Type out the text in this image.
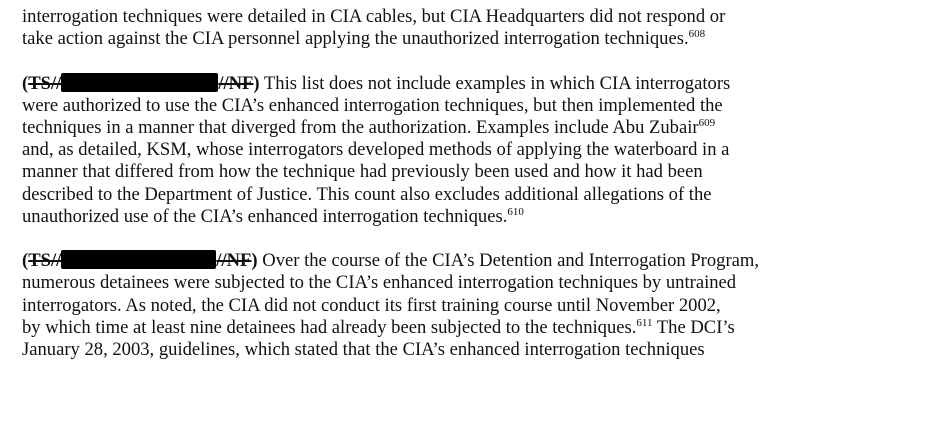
interrogation techniques were detailed in CIA cables, but CIA Headquarters did not respond or
take action against the CIA personnel applying the unauthorized interrogation techniques.$^{608}$
(TS//	//NF) This list does not include examples in which CIA interrogators
were authorized to use the CIA’s enhanced interrogation techniques, but then implemented the
techniques in a manner that diverged from the authorization. Examples include Abu Zubair$^{609}$
and, as detailed, KSM, whose interrogators developed methods of applying the waterboard in a
manner that differed from how the technique had previously been used and how it had been
described to the Department of Justice. This count also excludes additional allegations of the
unauthorized use of the CIA’s enhanced interrogation techniques.$^{610}$
(TS//	//NF) Over the course of the CIA’s Detention and Interrogation Program,
numerous detainees were subjected to the CIA’s enhanced interrogation techniques by untrained
interrogators. As noted, the CIA did not conduct its first training course until November 2002,
by which time at least nine detainees had already been subjected to the techniques.$^{611}$ The DCI’s
January 28, 2003, guidelines, which stated that the CIA’s enhanced interrogation techniques
